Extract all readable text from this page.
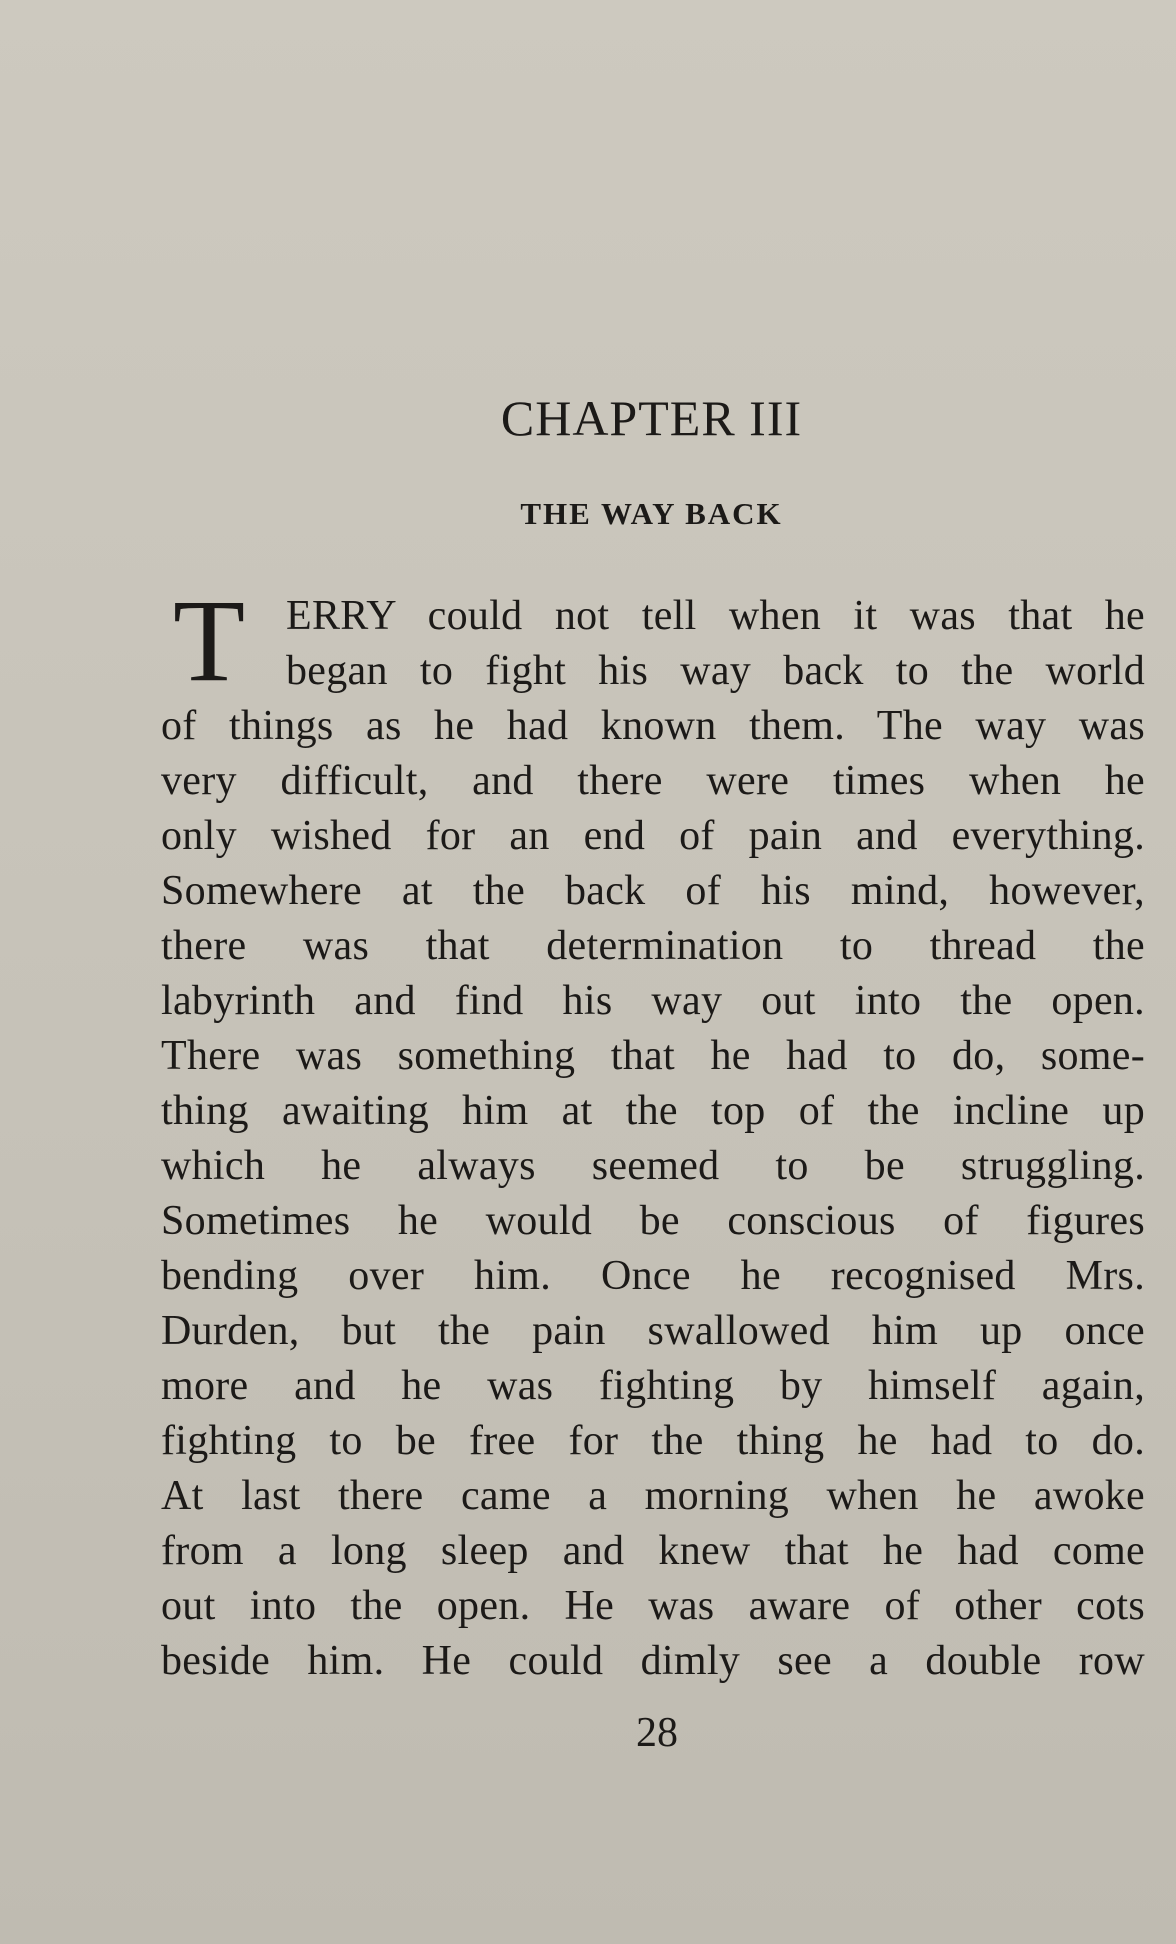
CHAPTER III
THE WAY BACK
T ERRY could not tell when it was that he
began to fight his way back to the world
of things as he had known them. The way was
very difficult, and there were times when he
only wished for an end of pain and everything.
Somewhere at the back of his mind, however,
there was that determination to thread the
labyrinth and find his way out into the open.
There was something that he had to do, some-
thing awaiting him at the top of the incline up
which he always seemed to be struggling.
Sometimes he would be conscious of figures
bending over him. Once he recognised Mrs.
Durden, but the pain swallowed him up once
more and he was fighting by himself again,
fighting to be free for the thing he had to do.
At last there came a morning when he awoke
from a long sleep and knew that he had come
out into the open. He was aware of other cots
beside him. He could dimly see a double row
28
